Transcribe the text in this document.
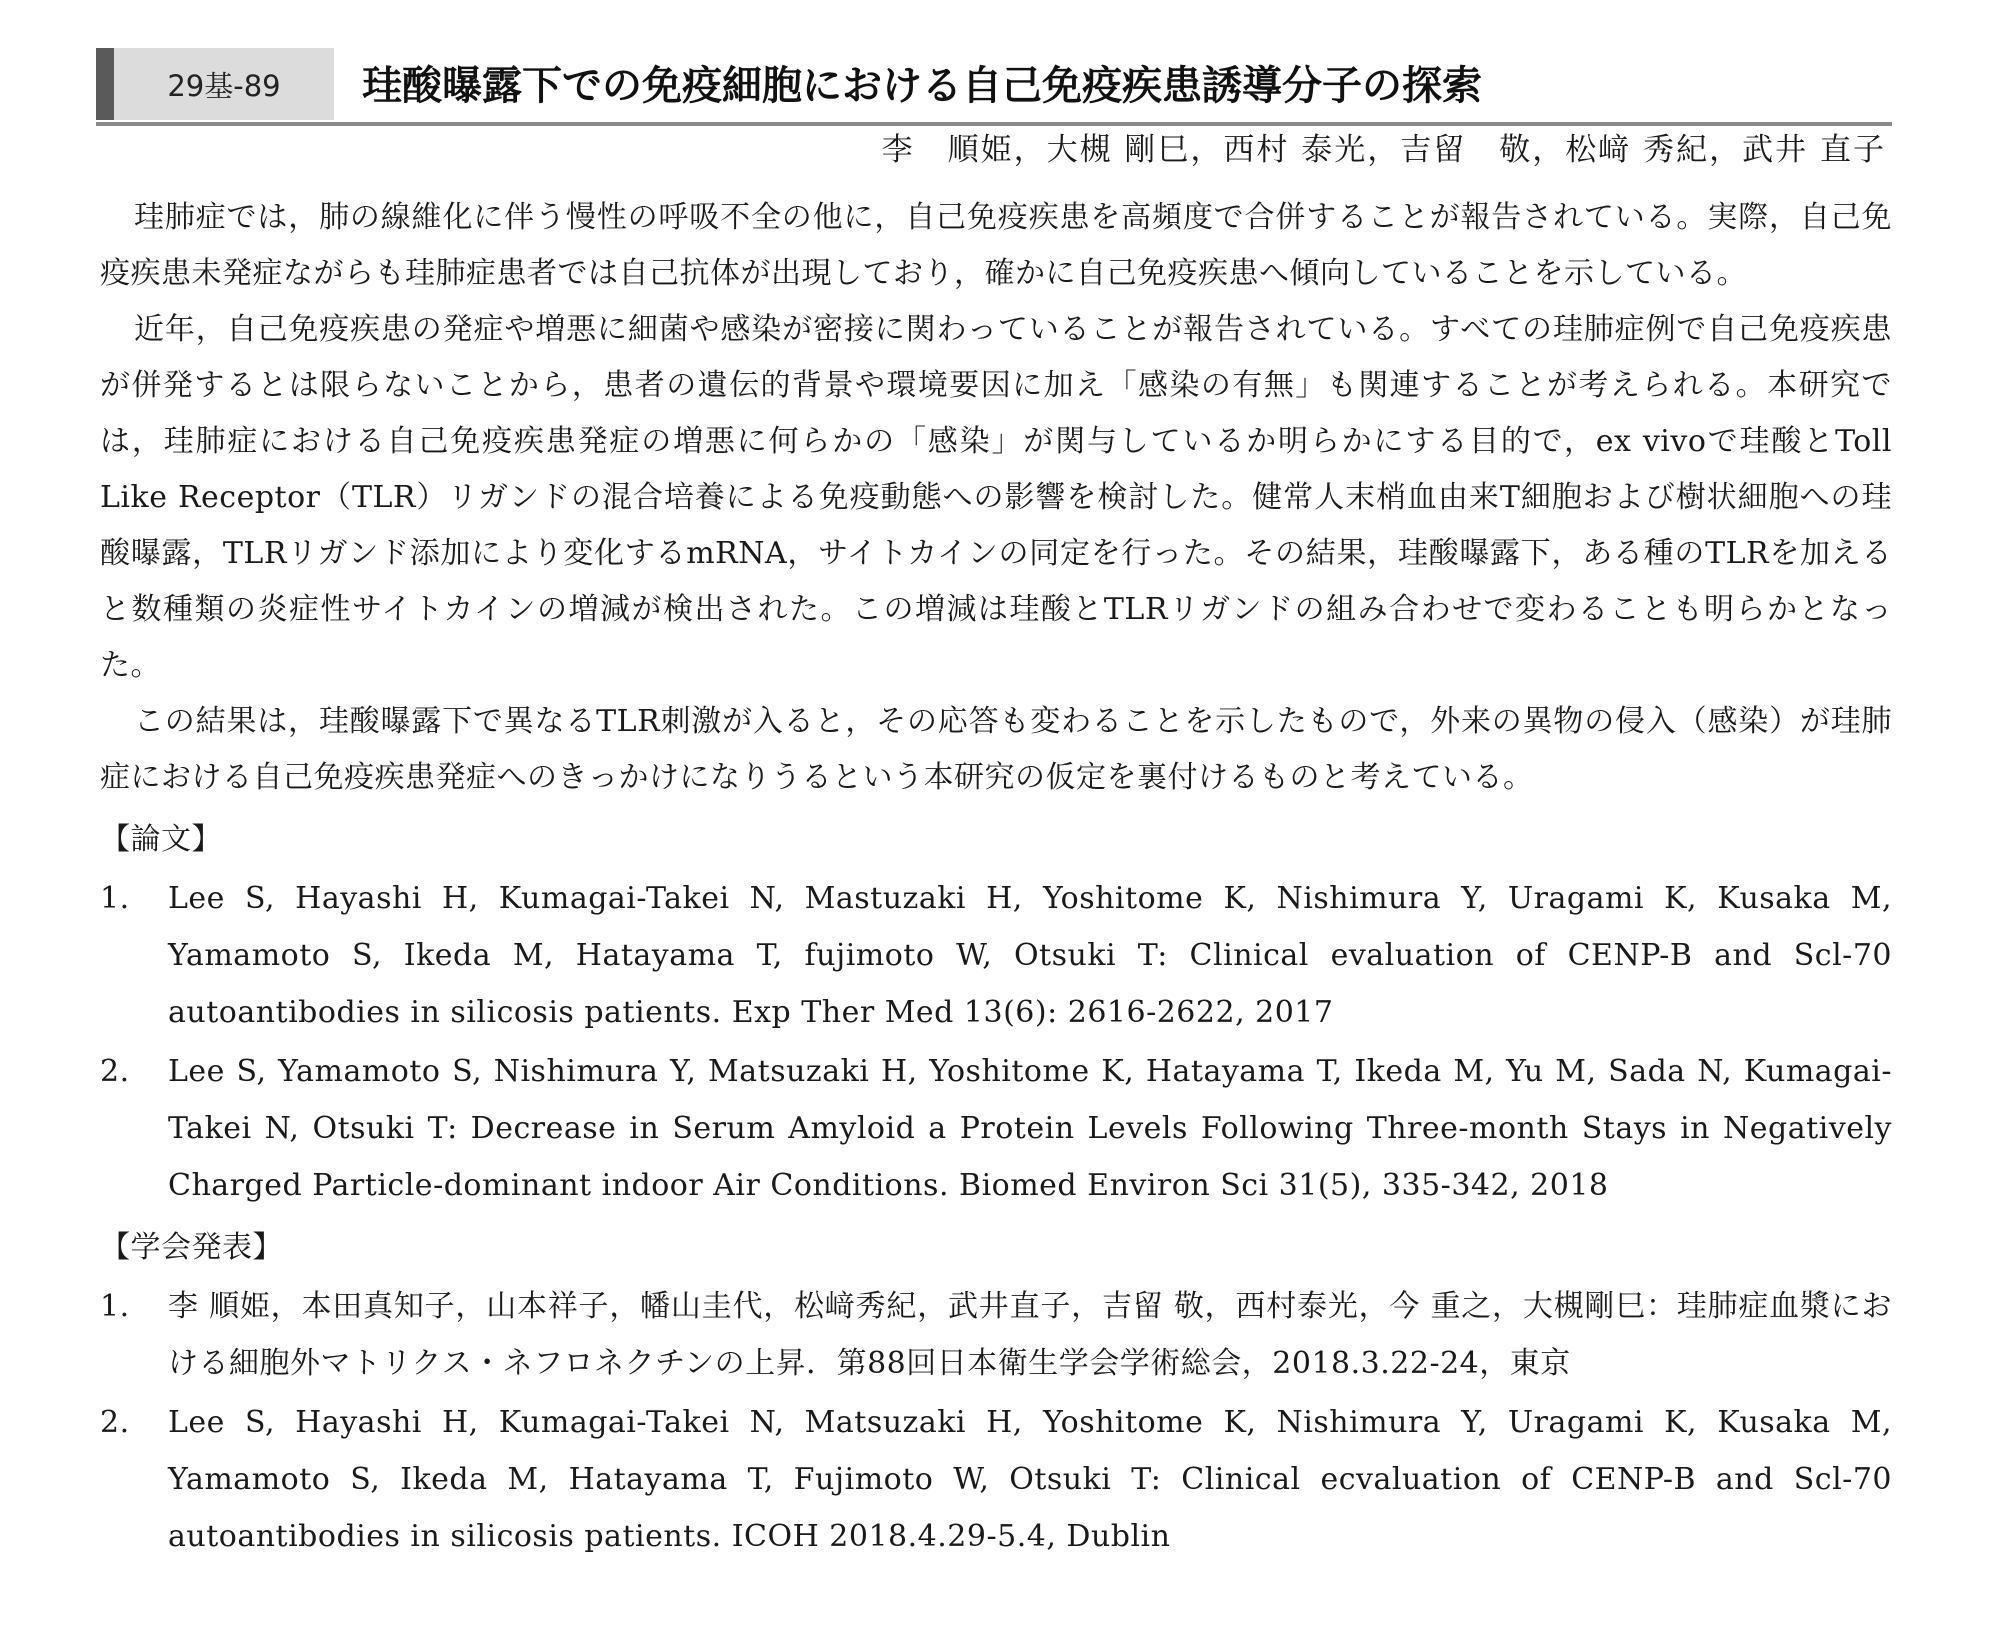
29基-89	珪酸曝露下での免疫細胞における自己免疫疾患誘導分子の探索
李　順姫，大槻 剛巳，西村 泰光，吉留　敬，松﨑 秀紀，武井 直子

珪肺症では，肺の線維化に伴う慢性の呼吸不全の他に，自己免疫疾患を高頻度で合併することが報告されている。実際，自己免疫疾患未発症ながらも珪肺症患者では自己抗体が出現しており，確かに自己免疫疾患へ傾向していることを示している。

近年，自己免疫疾患の発症や増悪に細菌や感染が密接に関わっていることが報告されている。すべての珪肺症例で自己免疫疾患が併発するとは限らないことから，患者の遺伝的背景や環境要因に加え「感染の有無」も関連することが考えられる。本研究では，珪肺症における自己免疫疾患発症の増悪に何らかの「感染」が関与しているか明らかにする目的で，ex vivoで珪酸とToll Like Receptor（TLR）リガンドの混合培養による免疫動態への影響を検討した。健常人末梢血由来T細胞および樹状細胞への珪酸曝露，TLRリガンド添加により変化するmRNA，サイトカインの同定を行った。その結果，珪酸曝露下，ある種のTLRを加えると数種類の炎症性サイトカインの増減が検出された。この増減は珪酸とTLRリガンドの組み合わせで変わることも明らかとなった。

この結果は，珪酸曝露下で異なるTLR刺激が入ると，その応答も変わることを示したもので，外来の異物の侵入（感染）が珪肺症における自己免疫疾患発症へのきっかけになりうるという本研究の仮定を裏付けるものと考えている。

【論文】
1. Lee S, Hayashi H, Kumagai-Takei N, Mastuzaki H, Yoshitome K, Nishimura Y, Uragami K, Kusaka M, Yamamoto S, Ikeda M, Hatayama T, fujimoto W, Otsuki T: Clinical evaluation of CENP-B and Scl-70 autoantibodies in silicosis patients. Exp Ther Med 13(6): 2616-2622, 2017
2. Lee S, Yamamoto S, Nishimura Y, Matsuzaki H, Yoshitome K, Hatayama T, Ikeda M, Yu M, Sada N, Kumagai-Takei N, Otsuki T: Decrease in Serum Amyloid a Protein Levels Following Three-month Stays in Negatively Charged Particle-dominant indoor Air Conditions. Biomed Environ Sci 31(5), 335-342, 2018
【学会発表】
1. 李 順姫，本田真知子，山本祥子，幡山圭代，松﨑秀紀，武井直子，吉留 敬，西村泰光，今 重之，大槻剛巳：珪肺症血漿における細胞外マトリクス・ネフロネクチンの上昇．第88回日本衛生学会学術総会，2018.3.22-24，東京
2. Lee S, Hayashi H, Kumagai-Takei N, Matsuzaki H, Yoshitome K, Nishimura Y, Uragami K, Kusaka M, Yamamoto S, Ikeda M, Hatayama T, Fujimoto W, Otsuki T: Clinical ecvaluation of CENP-B and Scl-70 autoantibodies in silicosis patients. ICOH 2018.4.29-5.4, Dublin
